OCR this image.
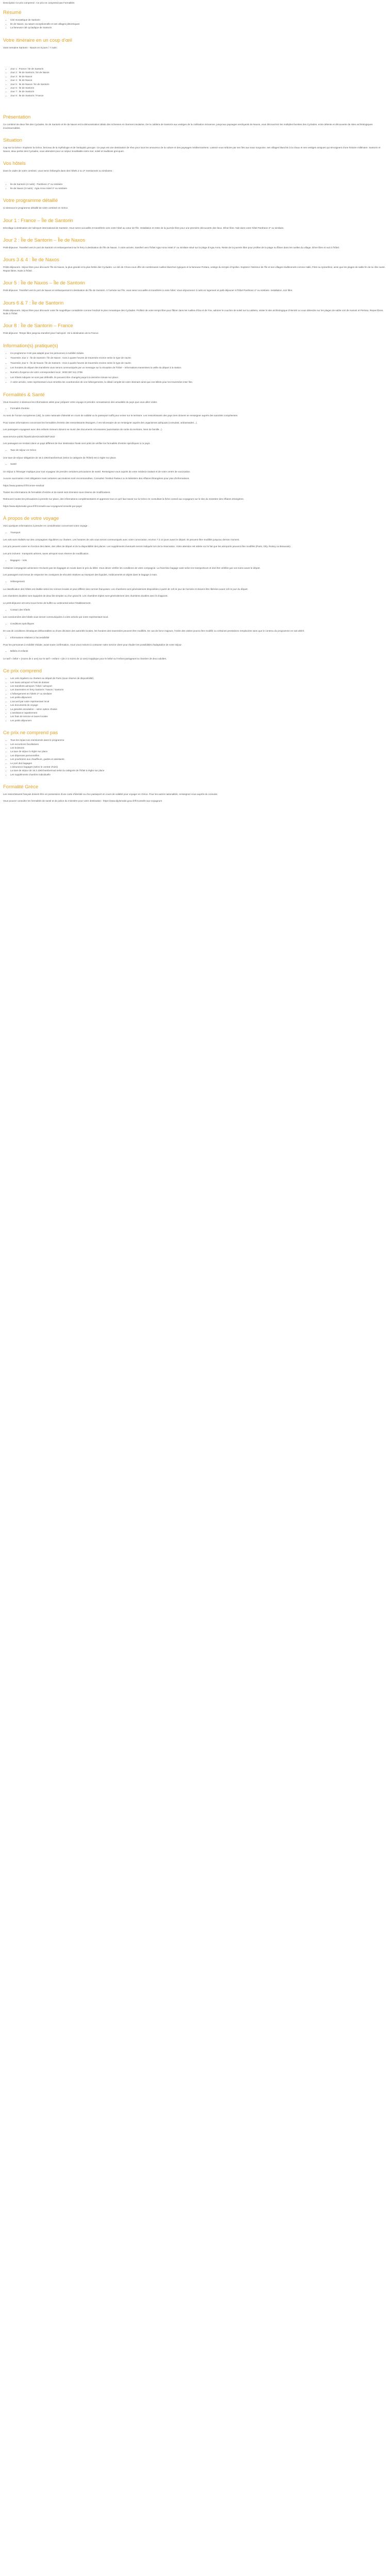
Description Ce prix comprend : Ce prix ne comprend pas Formalités

Résumé
• Cité monastique de Santorin
• Ile de Naxos, sa nature exceptionnelle et ses villages pittoresques
• La fameuse cité cycladique de Santorin
Votre itinéraire en un coup d'œil

Votre semaine Santorin - Naxos en 8 jours / 7 nuits :

• Jour 1 : France / Ile de Santorin
• Jour 2 : Ile de Santorin / Ile de Naxos
• Jour 3 : Ile de Naxos
• Jour 4 : Ile de Naxos
• Jour 5 : Ile de Naxos / Ile de Santorin
• Jour 6 : Ile de Santorin
• Jour 7 : Ile de Santorin
• Jour 8 : Ile de Santorin / France
Présentation

Ce combiné de deux îles des Cyclades, Ile de Santorin et Ile de Naxos est la démonstration idéale des richesses et charmes insulaires. De la caldeira de Santorin aux vestiges de la civilisation minoenne, jusqu'aux paysages verdoyants de Naxos, vous découvrirez les multiples facettes des Cyclades, entre détente et découverte de sites archéologiques incontournables.

Situation

Cap sur la Grèce ! Explorez la Grèce, berceau de la mythologie et de l'antiquité grecque. Ce pays est une destination de rêve pour tous les amoureux de la culture et des paysages méditerranéens. Laissez-vous séduire par ses îles aux eaux turquoise, ses villages blanchis à la chaux et ses vestiges antiques qui témoignent d'une histoire millénaire. Santorin et Naxos, deux perles des Cyclades, vous attendent pour un séjour inoubliable entre mer, soleil et traditions grecques.

Vos hôtels

Dans le cadre de votre combiné, vous serez hébergés dans des hôtels 2 ou 3* mentionnés ou similaires :

• Ile de Santorin (4 nuits) : Pantheon 2* ou similaire
• Ile de Naxos (3 nuits) : Agia Anna Hotel 2* ou similaire
Votre programme détaillé

Ci-dessous le programme détaillé de votre combiné en Grèce.

Jour 1 : France – Île de Santorin

Décollage à destination de l'aéroport international de Santorin. Vous serez accueillis et transférés vers votre hôtel au cœur de l'île. Installation et reste de la journée libre pour une première découverte des lieux. Dîner libre. Nuit dans votre hôtel Pantheon 2* ou similaire.

Jour 2 : Île de Santorin – Île de Naxos

Petit-déjeuner. Transfert vers le port de Santorin et embarquement sur le ferry à destination de l'île de Naxos. À votre arrivée, transfert vers l'hôtel Agia Anna Hotel 2* ou similaire situé sur la plage d'Agia Anna. Reste de la journée libre pour profiter de la plage ou flâner dans les ruelles du village. Dîner libre et nuit à l'hôtel.

Jours 3 & 4 : Île de Naxos

Petits-déjeuners. Séjour libre pour découvrir l'île de Naxos, la plus grande et la plus fertile des Cyclades. La cité de Chora vous offre de nombreuses ruelles blanches typiques et la fameuse Portara, vestige du temple d'Apollon. Explorez l'intérieur de l'île et ses villages traditionnels comme Halki, Filoti ou Apiranthos, ainsi que les plages de sable fin de la côte ouest. Repas libres. Nuits à l'hôtel.

Jour 5 : Île de Naxos – Île de Santorin

Petit-déjeuner. Transfert vers le port de Naxos et embarquement à destination de l'île de Santorin. À l'arrivée sur l'île, vous serez accueillis et transférés à votre hôtel. Vous séjournerez 3 nuits en logement et petit-déjeuner à l'hôtel Pantheon 2* ou similaire. Installation, soir libre.

Jours 6 & 7 : Île de Santorin

Petits-déjeuners. Séjour libre pour découvrir votre île magnifique considérée comme l'endroit le plus romantique des Cyclades. Profitez de votre temps libre pour flâner dans les ruelles d'Oia et de Fira, admirer le coucher de soleil sur la caldeira, visiter le site archéologique d'Akrotiri ou vous détendre sur les plages de sable noir de Kamari et Perissa. Repas libres. Nuits à l'hôtel.

Jour 8 : Île de Santorin – France

Petit-déjeuner. Temps libre jusqu'au transfert pour l'aéroport. Vol à destination de la France.

Information(s) pratique(s)
• Ce programme n'est pas adapté pour les personnes à mobilité réduite.
• Traversée Jour 2 : Île de Santorin / Île de Naxos : trois à quatre heures de traversée environ selon le type de navire.
• Traversée Jour 5 : Île de Naxos / Île de Santorin : trois à quatre heures de traversée environ selon le type de navire.
• Les horaires de départ des transferts vous seront communiqués par un message sur la réception de l'hôtel – Informations transmises la veille du départ à la station.
• Numéro d'urgence de votre correspondant local : 0030 697 611 3799
• Les hôtels indiqués ne sont pas définitifs. Ils peuvent être changés jusqu'à la dernière minute sur place.
• À votre arrivée, notre représentant vous remettra les coordonnées de vos hébergements, le détail complet de votre itinéraire ainsi que vos billets pour les traversées inter-îles.
Formalités & Santé

Vous trouverez ci-dessous les informations utiles pour préparer votre voyage et prendre connaissance des actualités du pays que vous allez visiter.

• Formalité d'entrée

Au sein de l'Union européenne (UE), la carte nationale d'identité en cours de validité ou le passeport suffit pour entrer sur le territoire. Les ressortissants des pays tiers doivent se renseigner auprès des autorités compétentes.

Pour toutes informations concernant les formalités d'entrée des ressortissants étrangers, il est nécessaire de se renseigner auprès des organismes adéquats (consulats, ambassades...).

Les passagers voyageant avec des enfants mineurs doivent se munir des documents nécessaires (autorisation de sortie du territoire, livret de famille...).

www.service-public.fr/particuliers/vosdroits/F1922

Les passagers se rendant dans un pays différent de leur destination finale sont priés de vérifier les formalités d'entrée spécifiques à ce pays.

• Taxe de séjour en Grèce

Une taxe de séjour obligatoire de 1€ à 10€/chambre/nuit (selon la catégorie de l'hôtel) est à régler sur place.

• Santé

Un séjour à l'étranger implique pour tout voyageur de prendre certaines précautions de santé. Renseignez-vous auprès de votre médecin traitant et de votre centre de vaccination.

Aucune vaccination n'est obligatoire mais certaines vaccinations sont recommandées. Consultez l'Institut Pasteur ou le Ministère des Affaires Étrangères pour plus d'informations.

https://www.pasteur.fr/fr/centre-medical

Toutes les informations de formalités d'entrée et de santé sont données sous réserve de modifications.

Retrouvez toutes les précautions à prendre sur place, des informations complémentaires et apprenez tout ce qu'il faut savoir sur la Grèce en consultant la fiche conseil aux voyageurs sur le site du ministère des Affaires étrangères.

https://www.diplomatie.gouv.fr/fr/conseils-aux-voyageurs/conseils-par-pays/

À propos de votre voyage

Voici quelques informations à prendre en considération concernant votre voyage :

• Transport

Les vols sont réalisés sur des compagnies régulières ou charters. Les horaires de vols vous seront communiqués avec votre convocation, environ 7 à 10 jours avant le départ. Ils peuvent être modifiés jusqu'au dernier moment.

Les prix peuvent varier en fonction des dates, des villes de départ et de la disponibilité des places. Les suppléments éventuels seront indiqués lors de la réservation. Votre attention est attirée sur le fait que les aéroports peuvent être modifiés (Paris, Orly, Roissy ou Beauvais).

Les prix incluent : transports aériens, taxes aéroport sous réserve de modification.

• Bagages – Vols

Certaines compagnies aériennes n'incluent pas les bagages en soute dans le prix du billet. Vous devez vérifier les conditions de votre compagnie. La franchise bagage varie selon les transporteurs et doit être vérifiée par vos soins avant le départ.

Les passagers sont tenus de respecter les consignes de sécurité relatives au transport des liquides, médicaments et objets dans le bagage à main.

• Hébergement

La classification des hôtels est établie selon les normes locales et peut différer des normes françaises. Les chambres sont généralement disponibles à partir de 14h le jour de l'arrivée et doivent être libérées avant 12h le jour du départ.

Les chambres doubles sont équipées de deux lits simples ou d'un grand lit. Les chambres triples sont généralement des chambres doubles avec lit d'appoint.

Le petit-déjeuner est servi sous forme de buffet ou continental selon l'établissement.

• Contact des hôtels

Les coordonnées des hôtels vous seront communiquées à votre arrivée par notre représentant local.

• Conditions spécifiques

En cas de conditions climatiques défavorables ou d'une décision des autorités locales, les horaires des traversées peuvent être modifiés. En cas de force majeure, l'ordre des visites pourra être modifié ou certaines prestations remplacées sans que le contenu du programme en soit altéré.

• Informations relatives à l'accessibilité

Pour les personnes à mobilité réduite, avant toute confirmation, nous vous invitons à contacter notre service client pour étudier les possibilités d'adaptation de votre séjour.

• Bébés et enfants

Le tarif « bébé » (moins de 2 ans) sur le tarif « enfant » (de 2 à moins de 12 ans) s'applique pour le bébé ou l'enfant partageant la chambre de deux adultes.

Ce prix comprend
• Les vols réguliers ou charters au départ de Paris (sous réserve de disponibilité)
• Les taxes aéroport et frais de dossier
• Les transferts aéroport / hôtel / aéroport
• Les traversées en ferry Santorin / Naxos / Santorin
• L'hébergement en hôtels 2* ou similaire
• Les petits-déjeuners
• L'accueil par notre représentant local
• Les documents de voyage
• La garantie annulation – selon option choisie
• L'assistance rapatriement
• Les frais de service et taxes locales
• Les petits déjeuners
Ce prix ne comprend pas
• Tous les repas non mentionnés dans le programme
• Les excursions facultatives
• Les boissons
• La taxe de séjour à régler sur place
• Les dépenses personnelles
• Les pourboires aux chauffeurs, guides et assistants
• Le port des bagages
• L'assurance bagages (selon le contrat choisi)
• La taxe de séjour de 1€ à 10€/chambre/nuit selon la catégorie de l'hôtel à régler sur place
• Les suppléments chambre individuelle
Formalité Grèce

Les ressortissants français doivent être en possession d'une carte d'identité ou d'un passeport en cours de validité pour voyager en Grèce. Pour les autres nationalités, renseignez-vous auprès du consulat.

Vous pouvez consulter les formalités de santé et de police du ministère pour votre destination : https://www.diplomatie.gouv.fr/fr/conseils-aux-voyageurs
